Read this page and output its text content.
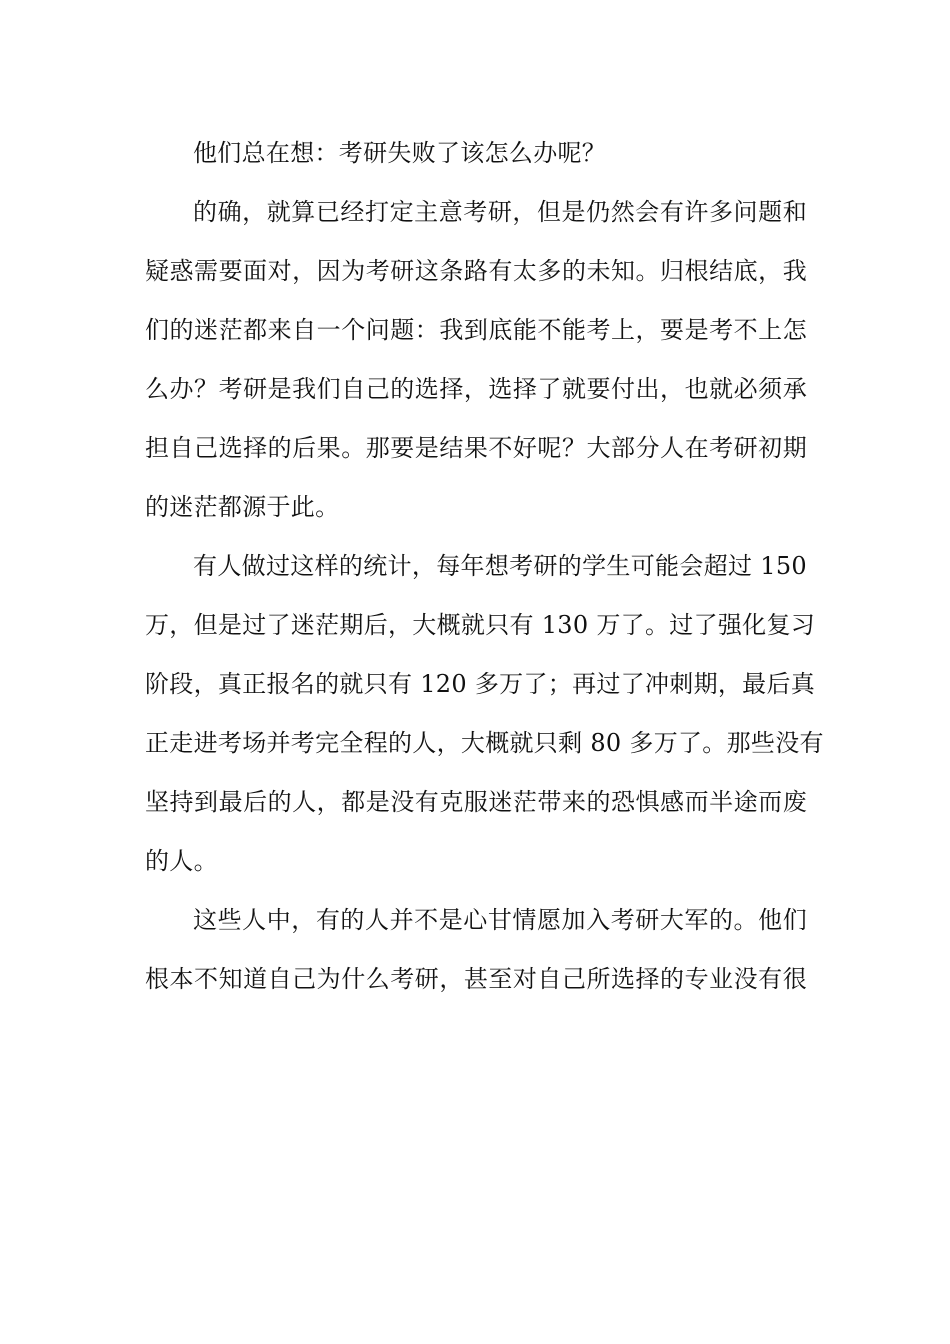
他们总在想：考研失败了该怎么办呢？
的确，就算已经打定主意考研，但是仍然会有许多问题和
疑惑需要面对，因为考研这条路有太多的未知。归根结底，我
们的迷茫都来自一个问题：我到底能不能考上，要是考不上怎
么办？考研是我们自己的选择，选择了就要付出，也就必须承
担自己选择的后果。那要是结果不好呢？大部分人在考研初期
的迷茫都源于此。
有人做过这样的统计，每年想考研的学生可能会超过 150
万，但是过了迷茫期后，大概就只有 130 万了。过了强化复习
阶段，真正报名的就只有 120 多万了；再过了冲刺期，最后真
正走进考场并考完全程的人，大概就只剩 80 多万了。那些没有
坚持到最后的人，都是没有克服迷茫带来的恐惧感而半途而废
的人。
这些人中，有的人并不是心甘情愿加入考研大军的。他们
根本不知道自己为什么考研，甚至对自己所选择的专业没有很
